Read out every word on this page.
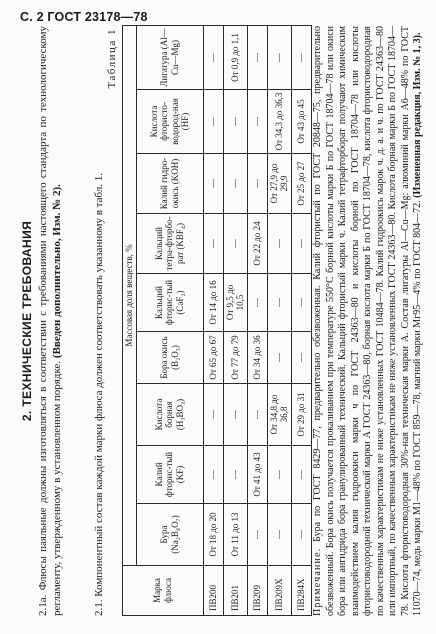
С. 2 ГОСТ 23178—78
2. ТЕХНИЧЕСКИЕ ТРЕБОВАНИЯ 2.1а. Флюсы паяльные должны изготовляться в соответствии с требованиями настоящего стандарта по технологическому регламенту, утвержденному в установленном порядке. (Введен дополнительно, Изм. № 2).	2.1. Компонентный состав каждой марки флюса должен соответствовать указанному в табл. 1.
Таблица 1
Марка флюса	Массовая доля веществ, %								
	Бура (Na₂B₄O₇)	Калий фторис-тый (KF)	Кислота борная (H₃BO₃)	Бора окись (B₂O₃)	Кальций фторис-тый (CaF₂)	Кальций тетра-фторбо-рат (KBF₄)	Калий гидро-окись (KOH)	Кислота фтористо-водород-ная (HF)	Лигатура (Al—Cu—Mg)
ПВ200	От 18 до 20	—	—	От 65 до 67	От 14 до 16	—	—	—	—
ПВ201	От 11 до 13	—	—	От 77 до 79	От 9,5 до 10,5	—	—	—	От 0,9 до 1,1
ПВ209	—	От 41 до 43	—	От 34 до 36	—	От 22 до 24	—	—	—
ПВ209Х	—	—	От 34,8 до 36,8	—	—	—	От 27,9 до 29,9	От 34,3 до 36,3	—
ПВ284Х	—	—	От 29 до 31	—	—	—	От 25 до 27	От 43 до 45	—
Примечание. Бура по ГОСТ 8429—77, предварительно обезвоженная. Калий фтористый по ГОСТ 20848—75, предварительно обезвоженный. Бора окись получается прокаливанием при температуре 550°С борной кислоты марки Б по ГОСТ 18704—78 или окиси бора или ангидрида бора гранулированный технический. Кальций фтористый марки ч. Калий тетрафторборат получают химическим взаимодействием калия гидроокиси марки ч по ГОСТ 24363—80 и кислоты борной по ГОСТ 18704—78 или кислоты фтористоводородной технической марки А ГОСТ 24363—80, борная кислота марки Б по ГОСТ 18704—78, кислота фтористоводородная по качественным характеристикам не ниже установленных ГОСТ 10484—78. Калий гидроокись марок ч. д. а. и ч. по ГОСТ 24363—80 или импортный, по качественным характеристикам не ниже установленных ГОСТ 24363—80. Кислота борная марки Б по ГОСТ 18704—78. Кислота фтористоводородная 30%-ная техническая марки А. Состав лигатуры Al—Cu—Mg: алюминий марки А6—48% по ГОСТ 11070—74, медь марки М1—48% по ГОСТ 859—78, магний марки Мг95—4% по ГОСТ 804—72. (Измененная редакция, Изм. № 1, 3).
